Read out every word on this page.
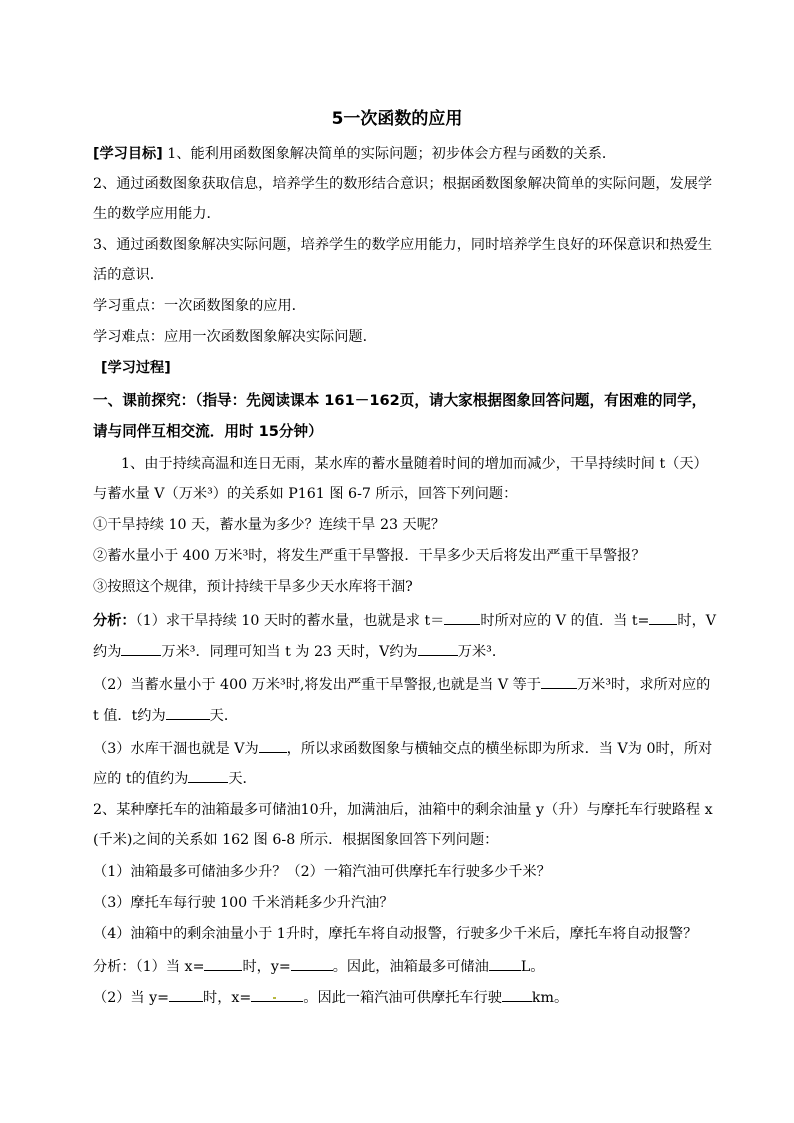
5一次函数的应用
[学习目标] 1、能利用函数图象解决简单的实际问题；初步体会方程与函数的关系．
2、通过函数图象获取信息，培养学生的数形结合意识；根据函数图象解决简单的实际问题，发展学
生的数学应用能力．
3、通过函数图象解决实际问题，培养学生的数学应用能力，同时培养学生良好的环保意识和热爱生
活的意识．
学习重点：一次函数图象的应用．
学习难点：应用一次函数图象解决实际问题．
[学习过程]
一、课前探究：（指导：先阅读课本 161－162页，请大家根据图象回答问题，有困难的同学，
请与同伴互相交流．用时 15分钟）
1、由于持续高温和连日无雨，某水库的蓄水量随着时间的增加而减少，干旱持续时间 t（天）
与蓄水量 V（万米³）的关系如 P161 图 6-7 所示，回答下列问题：
①干旱持续 10 天，蓄水量为多少？连续干旱 23 天呢？
②蓄水量小于 400 万米³时，将发生严重干旱警报．干旱多少天后将发出严重干旱警报？
③按照这个规律，预计持续干旱多少天水库将干涸?
分析：（1）求干旱持续 10 天时的蓄水量，也就是求 t＝	时所对应的 V 的值．当 t= 时，V
约为	万米³．同理可知当 t 为 23 天时，V约为	万米³．
（2）当蓄水量小于 400 万米³时,将发出严重干旱警报,也就是当 V 等于	万米³时，求所对应的
t 值．t约为	天．
（3）水库干涸也就是 V为 ，所以求函数图象与横轴交点的横坐标即为所求．当 V为 0时，所对
应的 t的值约为	天．
2、某种摩托车的油箱最多可储油10升，加满油后，油箱中的剩余油量 y（升）与摩托车行驶路程 x
(千米)之间的关系如 162 图 6-8 所示．根据图象回答下列问题：
（1）油箱最多可储油多少升？（2）一箱汽油可供摩托车行驶多少千米？
（3）摩托车每行驶 100 千米消耗多少升汽油？
（4）油箱中的剩余油量小于 1升时，摩托车将自动报警，行驶多少千米后，摩托车将自动报警？
分析：（1）当 x=	时，y=	。因此，油箱最多可储油 L。
（2）当 y= 时，x=	。因此一箱汽油可供摩托车行驶 km。
